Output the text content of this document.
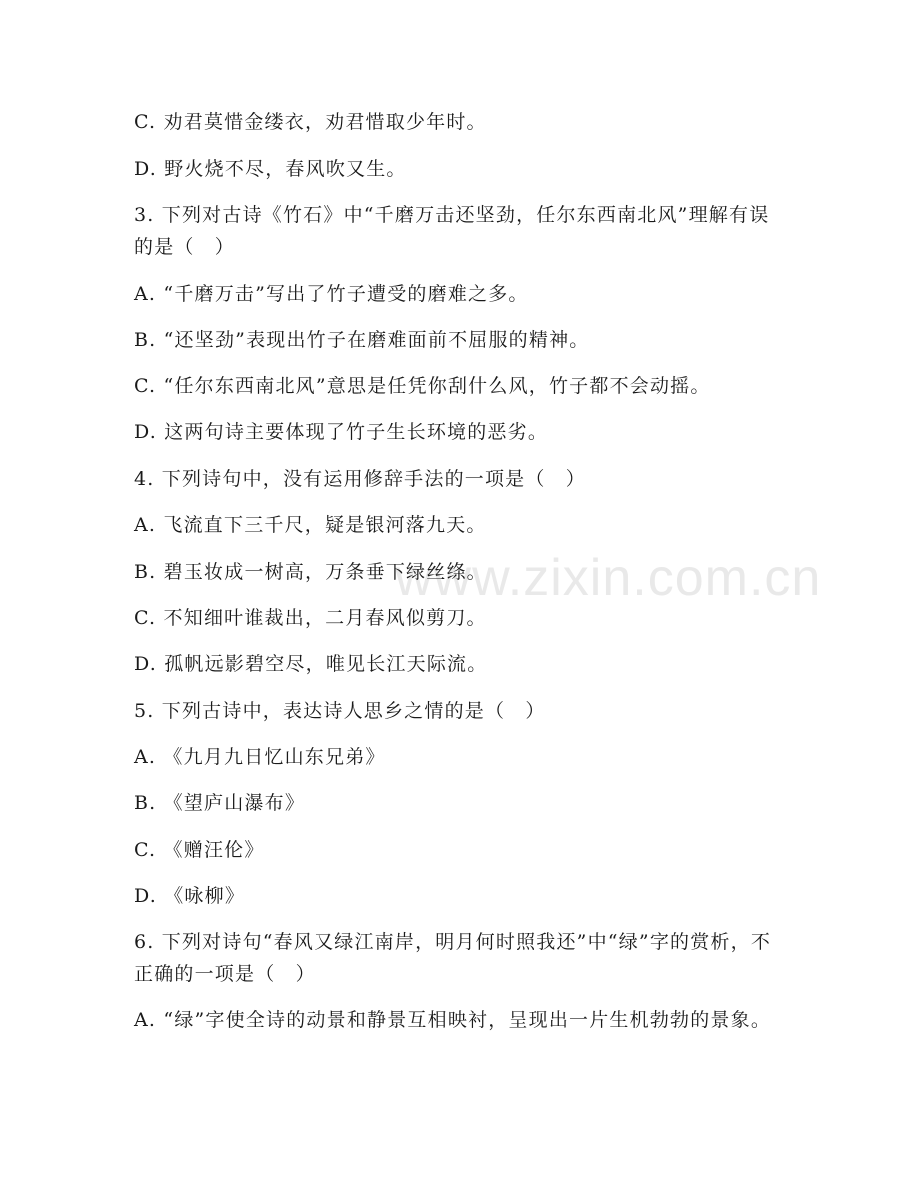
www.zixin.com.cn
C. 劝君莫惜金缕衣，劝君惜取少年时。
D. 野火烧不尽，春风吹又生。
3. 下列对古诗《竹石》中“千磨万击还坚劲，任尔东西南北风”理解有误的是（　）
A. “千磨万击”写出了竹子遭受的磨难之多。
B. “还坚劲”表现出竹子在磨难面前不屈服的精神。
C. “任尔东西南北风”意思是任凭你刮什么风，竹子都不会动摇。
D. 这两句诗主要体现了竹子生长环境的恶劣。
4. 下列诗句中，没有运用修辞手法的一项是（　）
A. 飞流直下三千尺，疑是银河落九天。
B. 碧玉妆成一树高，万条垂下绿丝绦。
C. 不知细叶谁裁出，二月春风似剪刀。
D. 孤帆远影碧空尽，唯见长江天际流。
5. 下列古诗中，表达诗人思乡之情的是（　）
A. 《九月九日忆山东兄弟》
B. 《望庐山瀑布》
C. 《赠汪伦》
D. 《咏柳》
6. 下列对诗句“春风又绿江南岸，明月何时照我还”中“绿”字的赏析，不正确的一项是（　）
A. “绿”字使全诗的动景和静景互相映衬，呈现出一片生机勃勃的景象。
